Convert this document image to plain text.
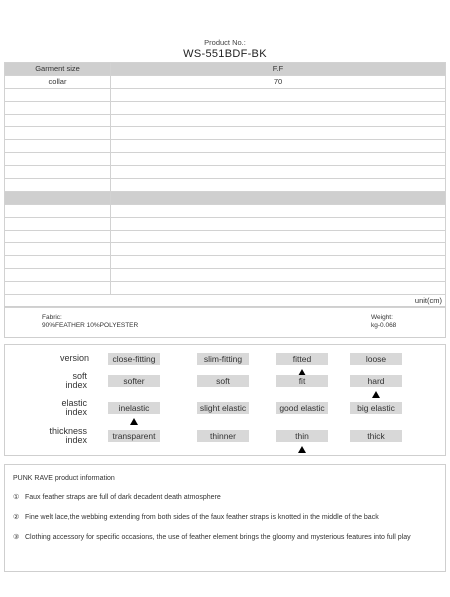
Product No.:
WS-551BDF-BK
Garment size	F.F
collar	70

unit(cm)	
Fabric:
90%FEATHER 10%POLYESTER
Weight:
kg-0.068
version	close-fitting	slim-fitting	fitted	loose
soft
index	softer	soft	fit	hard
elastic
index	inelastic	slight elastic	good elastic	big elastic
thickness
index	transparent	thinner	thin	thick
PUNK RAVE product information
① Faux feather straps are full of dark decadent death atmosphere
② Fine welt lace,the webbing extending from both sides of the faux feather straps is knotted in the middle of the back
③ Clothing accessory for specific occasions, the use of feather element brings the gloomy and mysterious features into full play
